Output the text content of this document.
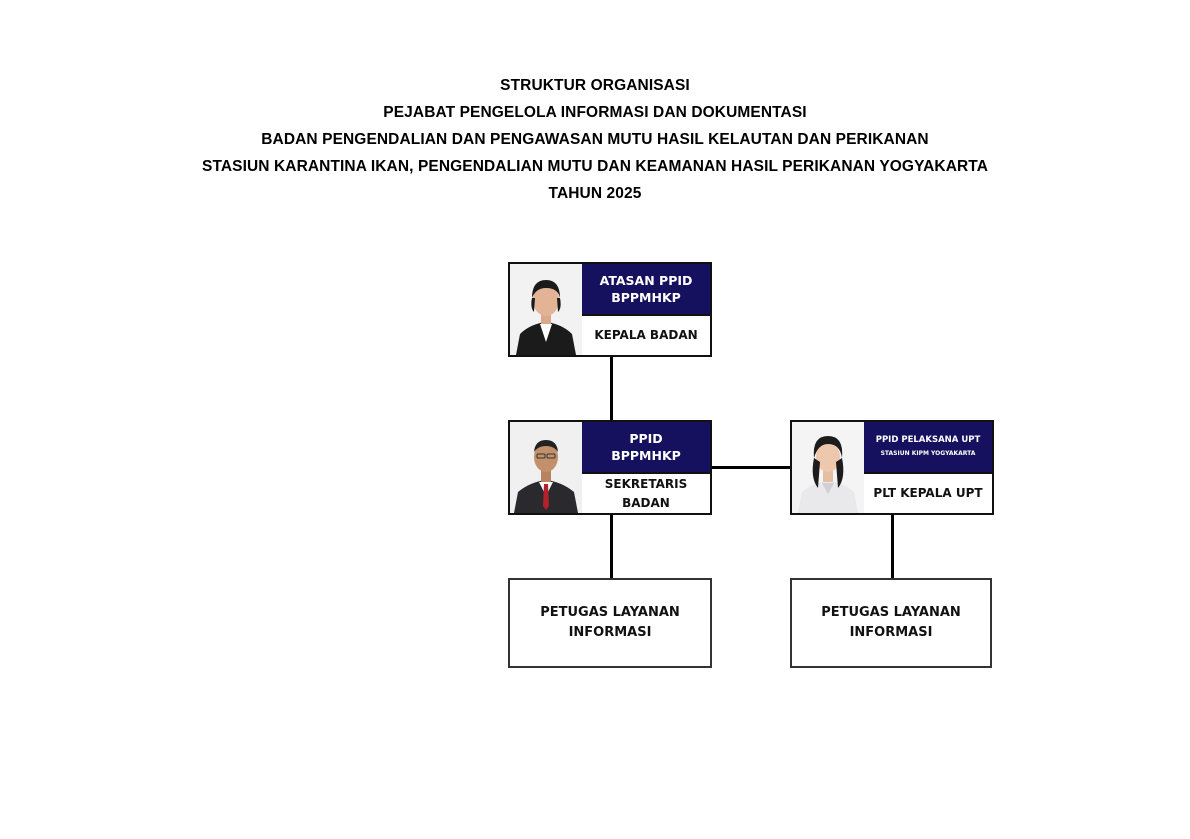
STRUKTUR ORGANISASI
PEJABAT PENGELOLA INFORMASI DAN DOKUMENTASI
BADAN PENGENDALIAN DAN PENGAWASAN MUTU HASIL KELAUTAN DAN PERIKANAN
STASIUN KARANTINA IKAN, PENGENDALIAN MUTU DAN KEAMANAN HASIL PERIKANAN YOGYAKARTA
TAHUN 2025
ATASAN PPID
BPPMHKP
KEPALA BADAN
PPID
BPPMHKP
SEKRETARIS
BADAN
PPID PELAKSANA UPT
STASIUN KIPM YOGYAKARTA
PLT KEPALA UPT
PETUGAS LAYANAN
INFORMASI
PETUGAS LAYANAN
INFORMASI
